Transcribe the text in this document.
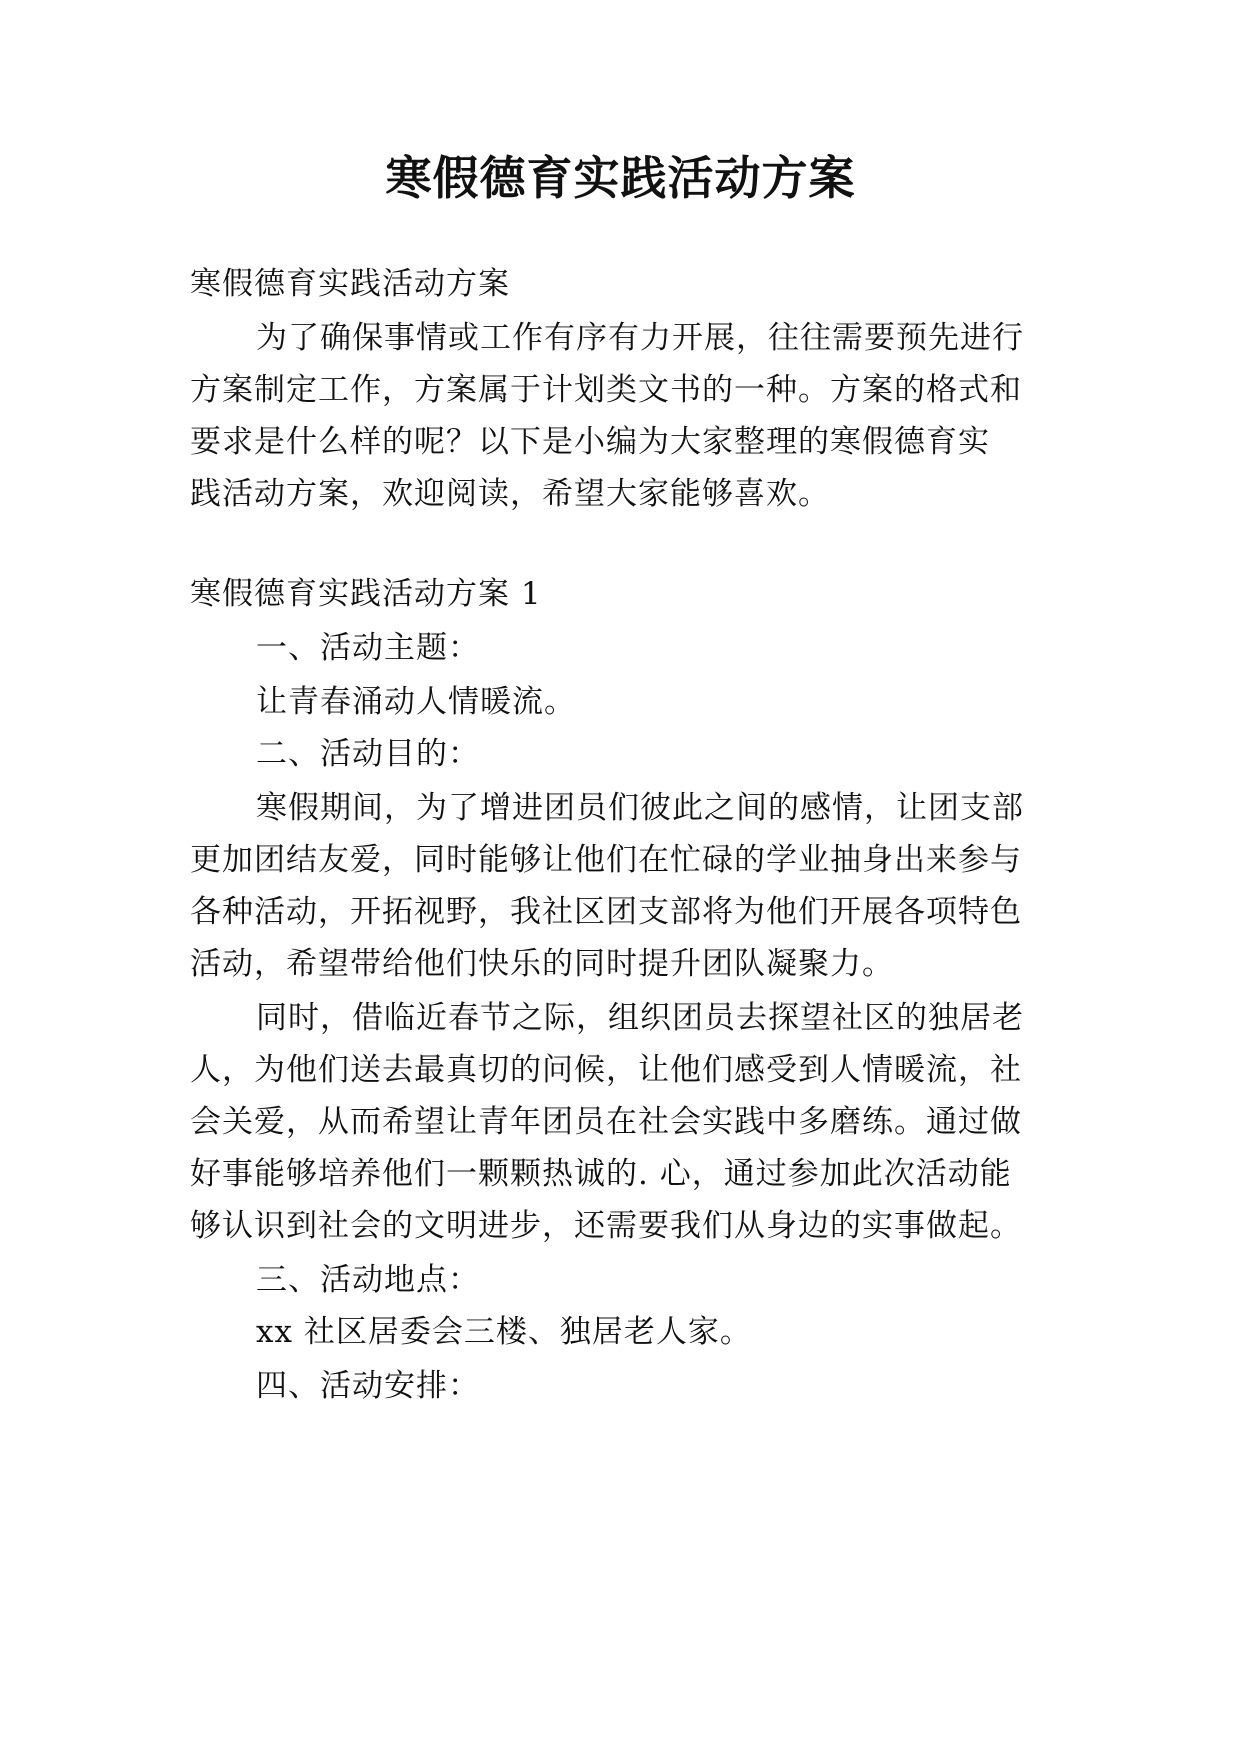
寒假德育实践活动方案

寒假德育实践活动方案

为了确保事情或工作有序有力开展，往往需要预先进行

方案制定工作，方案属于计划类文书的一种。方案的格式和

要求是什么样的呢？以下是小编为大家整理的寒假德育实

践活动方案，欢迎阅读，希望大家能够喜欢。

寒假德育实践活动方案 1

一、活动主题：

让青春涌动人情暖流。

二、活动目的：

寒假期间，为了增进团员们彼此之间的感情，让团支部

更加团结友爱，同时能够让他们在忙碌的学业抽身出来参与

各种活动，开拓视野，我社区团支部将为他们开展各项特色

活动，希望带给他们快乐的同时提升团队凝聚力。

同时，借临近春节之际，组织团员去探望社区的独居老

人，为他们送去最真切的问候，让他们感受到人情暖流，社

会关爱，从而希望让青年团员在社会实践中多磨练。通过做

好事能够培养他们一颗颗热诚的. 心，通过参加此次活动能

够认识到社会的文明进步，还需要我们从身边的实事做起。

三、活动地点：

xx 社区居委会三楼、独居老人家。

四、活动安排：
